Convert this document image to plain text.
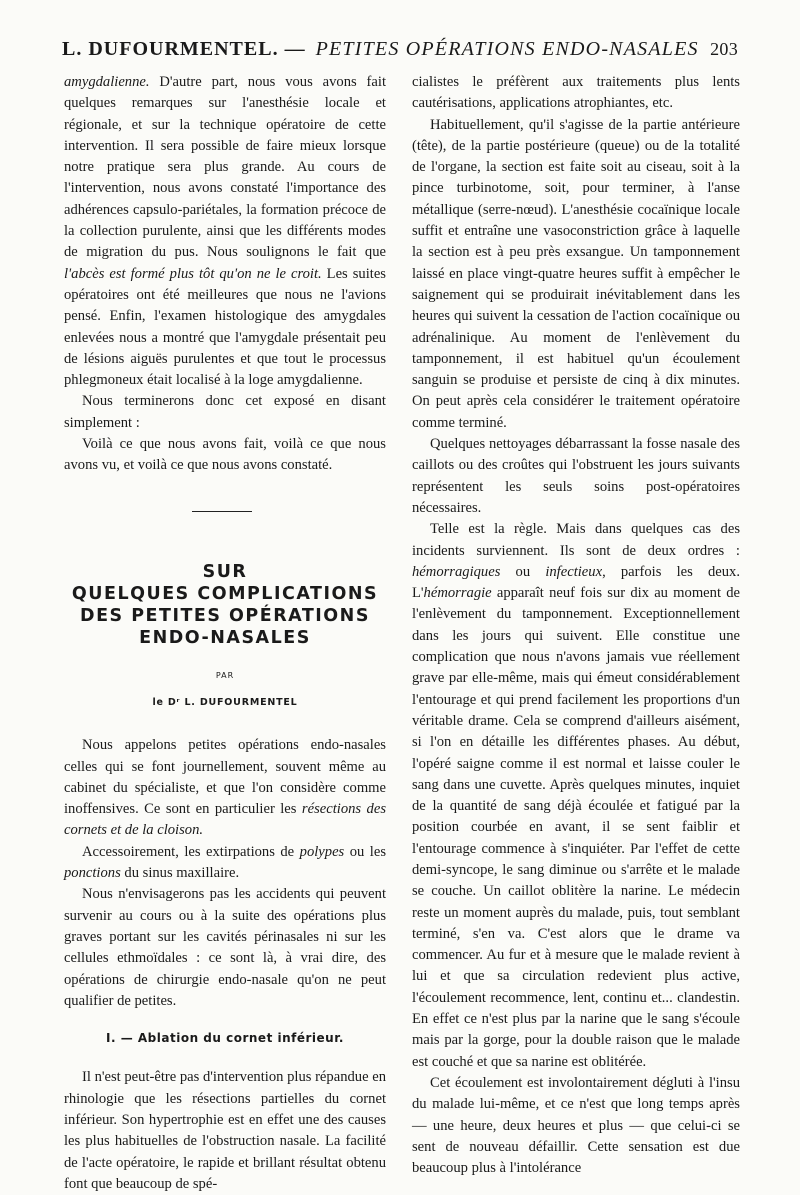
L. DUFOURMENTEL. — PETITES OPÉRATIONS ENDO-NASALES 203

amygdalienne. D'autre part, nous vous avons fait quelques remarques sur l'anesthésie locale et régionale, et sur la technique opératoire de cette intervention. Il sera possible de faire mieux lorsque notre pratique sera plus grande. Au cours de l'intervention, nous avons constaté l'importance des adhérences capsulo-pariétales, la formation précoce de la collection purulente, ainsi que les différents modes de migration du pus. Nous soulignons le fait que l'abcès est formé plus tôt qu'on ne le croit. Les suites opératoires ont été meilleures que nous ne l'avions pensé. Enfin, l'examen histologique des amygdales enlevées nous a montré que l'amygdale présentait peu de lésions aiguës purulentes et que tout le processus phlegmoneux était localisé à la loge amygdalienne.

Nous terminerons donc cet exposé en disant simplement :

Voilà ce que nous avons fait, voilà ce que nous avons vu, et voilà ce que nous avons constaté.

SUR
QUELQUES COMPLICATIONS
DES PETITES OPÉRATIONS
ENDO-NASALES
PAR
le Dʳ L. DUFOURMENTEL

Nous appelons petites opérations endo-nasales celles qui se font journellement, souvent même au cabinet du spécialiste, et que l'on considère comme inoffensives. Ce sont en particulier les résections des cornets et de la cloison.

Accessoirement, les extirpations de polypes ou les ponctions du sinus maxillaire.

Nous n'envisagerons pas les accidents qui peuvent survenir au cours ou à la suite des opérations plus graves portant sur les cavités périnasales ni sur les cellules ethmoïdales : ce sont là, à vrai dire, des opérations de chirurgie endo-nasale qu'on ne peut qualifier de petites.

I. — Ablation du cornet inférieur.

Il n'est peut-être pas d'intervention plus répandue en rhinologie que les résections partielles du cornet inférieur. Son hypertrophie est en effet une des causes les plus habituelles de l'obstruction nasale. La facilité de l'acte opératoire, le rapide et brillant résultat obtenu font que beaucoup de spé-

cialistes le préfèrent aux traitements plus lents cautérisations, applications atrophiantes, etc.

Habituellement, qu'il s'agisse de la partie antérieure (tête), de la partie postérieure (queue) ou de la totalité de l'organe, la section est faite soit au ciseau, soit à la pince turbinotome, soit, pour terminer, à l'anse métallique (serre-nœud). L'anesthésie cocaïnique locale suffit et entraîne une vasoconstriction grâce à laquelle la section est à peu près exsangue. Un tamponnement laissé en place vingt-quatre heures suffit à empêcher le saignement qui se produirait inévitablement dans les heures qui suivent la cessation de l'action cocaïnique ou adrénalinique. Au moment de l'enlèvement du tamponnement, il est habituel qu'un écoulement sanguin se produise et persiste de cinq à dix minutes. On peut après cela considérer le traitement opératoire comme terminé.

Quelques nettoyages débarrassant la fosse nasale des caillots ou des croûtes qui l'obstruent les jours suivants représentent les seuls soins post-opératoires nécessaires.

Telle est la règle. Mais dans quelques cas des incidents surviennent. Ils sont de deux ordres : hémorragiques ou infectieux, parfois les deux. L'hémorragie apparaît neuf fois sur dix au moment de l'enlèvement du tamponnement. Exceptionnellement dans les jours qui suivent. Elle constitue une complication que nous n'avons jamais vue réellement grave par elle-même, mais qui émeut considérablement l'entourage et qui prend facilement les proportions d'un véritable drame. Cela se comprend d'ailleurs aisément, si l'on en détaille les différentes phases. Au début, l'opéré saigne comme il est normal et laisse couler le sang dans une cuvette. Après quelques minutes, inquiet de la quantité de sang déjà écoulée et fatigué par la position courbée en avant, il se sent faiblir et l'entourage commence à s'inquiéter. Par l'effet de cette demi-syncope, le sang diminue ou s'arrête et le malade se couche. Un caillot oblitère la narine. Le médecin reste un moment auprès du malade, puis, tout semblant terminé, s'en va. C'est alors que le drame va commencer. Au fur et à mesure que le malade revient à lui et que sa circulation redevient plus active, l'écoulement recommence, lent, continu et... clandestin. En effet ce n'est plus par la narine que le sang s'écoule mais par la gorge, pour la double raison que le malade est couché et que sa narine est oblitérée.

Cet écoulement est involontairement dégluti à l'insu du malade lui-même, et ce n'est que long temps après — une heure, deux heures et plus — que celui-ci se sent de nouveau défaillir. Cette sensation est due beaucoup plus à l'intolérance
